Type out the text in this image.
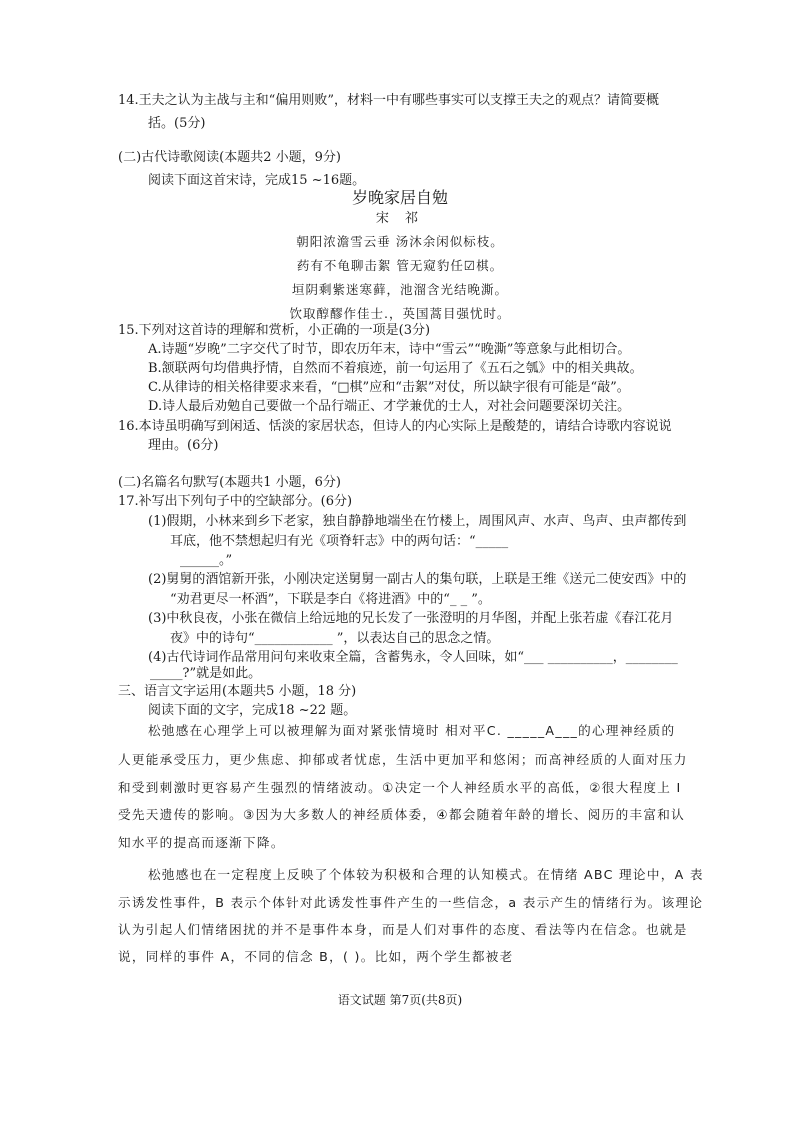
14.王夫之认为主战与主和“偏用则败”，材料一中有哪些事实可以支撑王夫之的观点？请简要概
括。(5分)
(二)古代诗歌阅读(本题共2 小题，9分)
阅读下面这首宋诗，完成15 ~16题。
岁晚家居自勉
宋 祁
朝阳浓澹雪云垂 汤沐余闲似标枝。
药有不龟聊击絮 管无窥豹任☑棋。
垣阴剩紫迷寒藓，池溜含光结晚澌。
饮取醇醪作佳士.，英国蒿目强忧时。
15.下列对这首诗的理解和赏析，小正确的一项是(3分)
A.诗题“岁晚”二字交代了时节，即农历年末，诗中“雪云”“晚澌”等意象与此相切合。
B.颔联两句均借典抒情，自然而不着痕迹，前一句运用了《五石之瓠》中的相关典故。
C.从律诗的相关格律要求来看，“□棋”应和“击絮”对仗，所以缺字很有可能是“敲”。
D.诗人最后劝勉自己要做一个品行端正、才学兼优的士人，对社会问题要深切关注。
16.本诗虽明确写到闲适、恬淡的家居状态，但诗人的内心实际上是酸楚的，请结合诗歌内容说说
理由。(6分)
(二)名篇名句默写(本题共1 小题，6分)
17.补写出下列句子中的空缺部分。(6分)
(1)假期，小林来到乡下老家，独自静静地端坐在竹楼上，周围风声、水声、鸟声、虫声都传到
耳底，他不禁想起归有光《项脊轩志》中的两句话：“_____
______。”
(2)舅舅的酒馆新开张，小刚决定送舅舅一副古人的集句联，上联是王维《送元二使安西》中的
“劝君更尽一杯酒”，下联是李白《将进酒》中的“_ _ ”。
(3)中秋良夜，小张在微信上给远地的兄长发了一张澄明的月华图，并配上张若虚《春江花月
夜》中的诗句“____________ ”，以表达自己的思念之情。
(4)古代诗词作品常用问句来收束全篇，含蓄隽永，令人回味，如“___ __________，________
_____?”就是如此。
三、语言文字运用(本题共5 小题，18 分)
阅读下面的文字，完成18 ~22 题。
松弛感在心理学上可以被理解为面对紧张情境时 相对平C. _____A___的心理神经质的
人更能承受压力，更少焦虑、抑郁或者忧虑，生活中更加平和悠闲；而高神经质的人面对压力
和受到刺激时更容易产生强烈的情绪波动。①决定一个人神经质水平的高低，②很大程度上 I
受先天遗传的影响。③因为大多数人的神经质体委，④都会随着年龄的增长、阅历的丰富和认
知水平的提高而逐渐下降。
松弛感也在一定程度上反映了个体较为积极和合理的认知模式。在情绪 ABC 理论中，A 表
示诱发性事件，B 表示个体针对此诱发性事件产生的一些信念，a 表示产生的情绪行为。该理论
认为引起人们情绪困扰的并不是事件本身，而是人们对事件的态度、看法等内在信念。也就是
说，同样的事件 A，不同的信念 B，( )。比如，两个学生都被老
语文试题 第7页(共8页)
